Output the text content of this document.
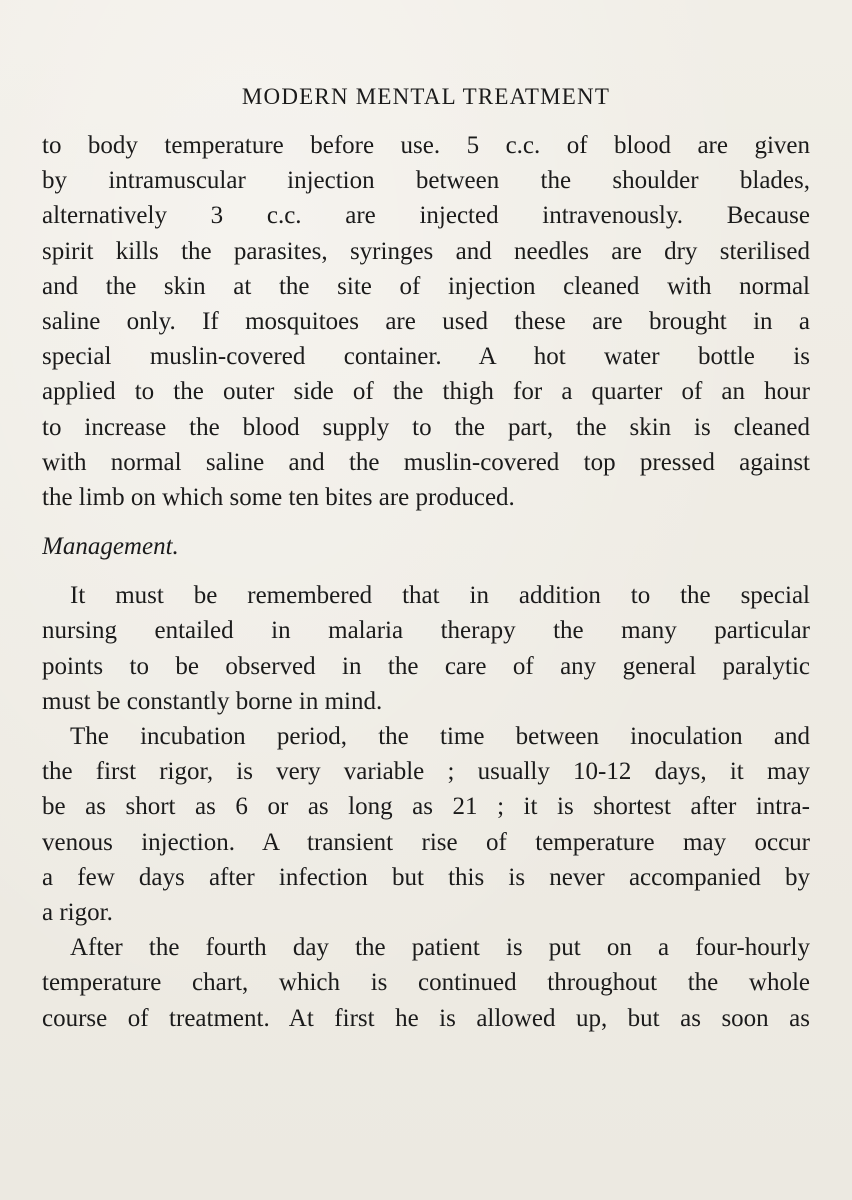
MODERN MENTAL TREATMENT
to body temperature before use. 5 c.c. of blood are given
by intramuscular injection between the shoulder blades,
alternatively 3 c.c. are injected intravenously. Because
spirit kills the parasites, syringes and needles are dry sterilised
and the skin at the site of injection cleaned with normal
saline only. If mosquitoes are used these are brought in a
special muslin-covered container. A hot water bottle is
applied to the outer side of the thigh for a quarter of an hour
to increase the blood supply to the part, the skin is cleaned
with normal saline and the muslin-covered top pressed against
the limb on which some ten bites are produced.
Management.
It must be remembered that in addition to the special
nursing entailed in malaria therapy the many particular
points to be observed in the care of any general paralytic
must be constantly borne in mind.
The incubation period, the time between inoculation and
the first rigor, is very variable ; usually 10-12 days, it may
be as short as 6 or as long as 21 ; it is shortest after intra-
venous injection. A transient rise of temperature may occur
a few days after infection but this is never accompanied by
a rigor.
After the fourth day the patient is put on a four-hourly
temperature chart, which is continued throughout the whole
course of treatment. At first he is allowed up, but as soon as
